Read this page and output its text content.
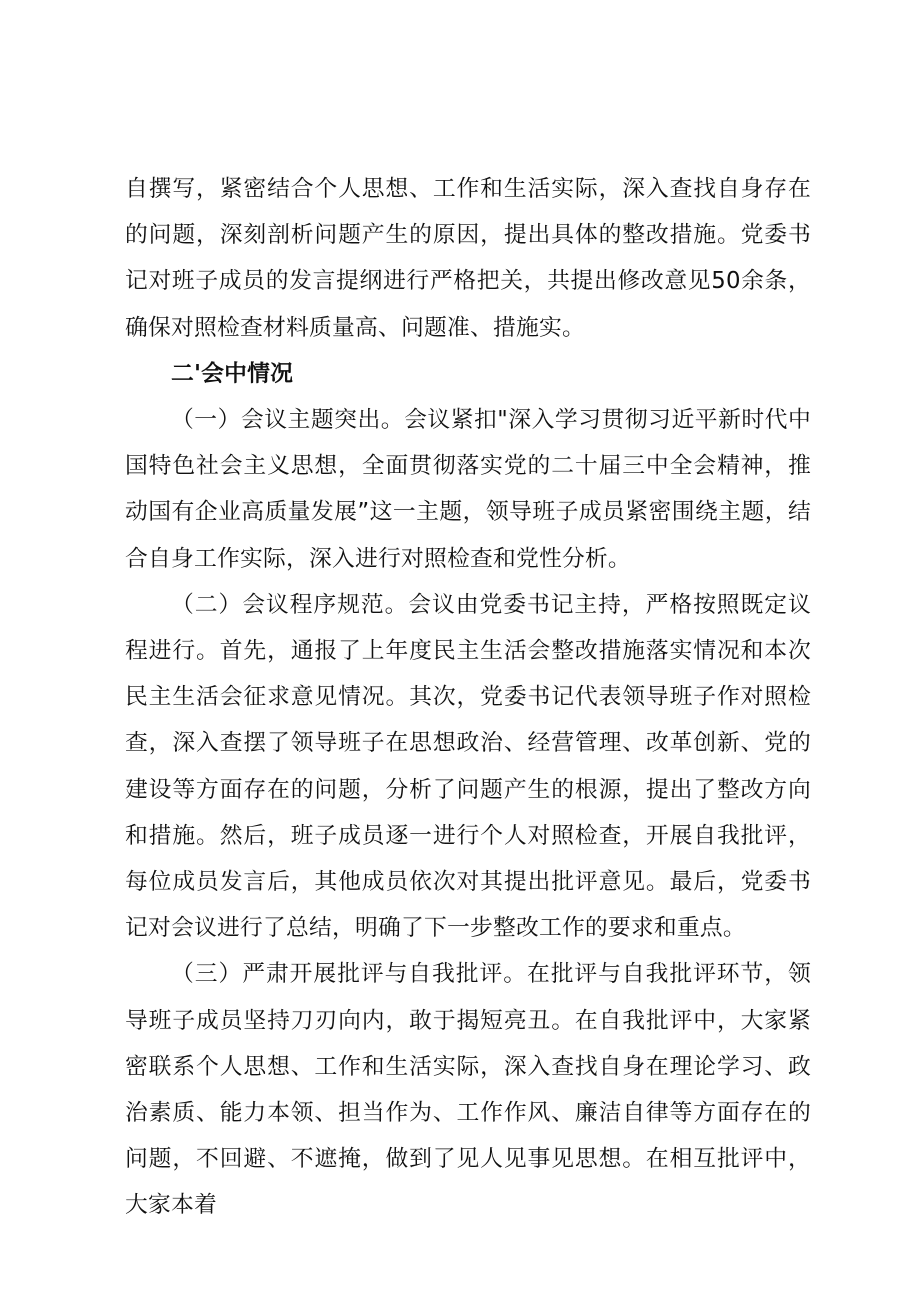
自撰写，紧密结合个人思想、工作和生活实际，深入查找自身存在的问题，深刻剖析问题产生的原因，提出具体的整改措施。党委书记对班子成员的发言提纲进行严格把关，共提出修改意见50余条，确保对照检查材料质量高、问题准、措施实。

二'会中情况

（一）会议主题突出。会议紧扣"深入学习贯彻习近平新时代中国特色社会主义思想，全面贯彻落实党的二十届三中全会精神，推动国有企业高质量发展”这一主题，领导班子成员紧密围绕主题，结合自身工作实际，深入进行对照检查和党性分析。

（二）会议程序规范。会议由党委书记主持，严格按照既定议程进行。首先，通报了上年度民主生活会整改措施落实情况和本次民主生活会征求意见情况。其次，党委书记代表领导班子作对照检查，深入查摆了领导班子在思想政治、经营管理、改革创新、党的建设等方面存在的问题，分析了问题产生的根源，提出了整改方向和措施。然后，班子成员逐一进行个人对照检查，开展自我批评，每位成员发言后，其他成员依次对其提出批评意见。最后，党委书记对会议进行了总结，明确了下一步整改工作的要求和重点。

（三）严肃开展批评与自我批评。在批评与自我批评环节，领导班子成员坚持刀刃向内，敢于揭短亮丑。在自我批评中，大家紧密联系个人思想、工作和生活实际，深入查找自身在理论学习、政治素质、能力本领、担当作为、工作作风、廉洁自律等方面存在的问题，不回避、不遮掩，做到了见人见事见思想。在相互批评中，大家本着
